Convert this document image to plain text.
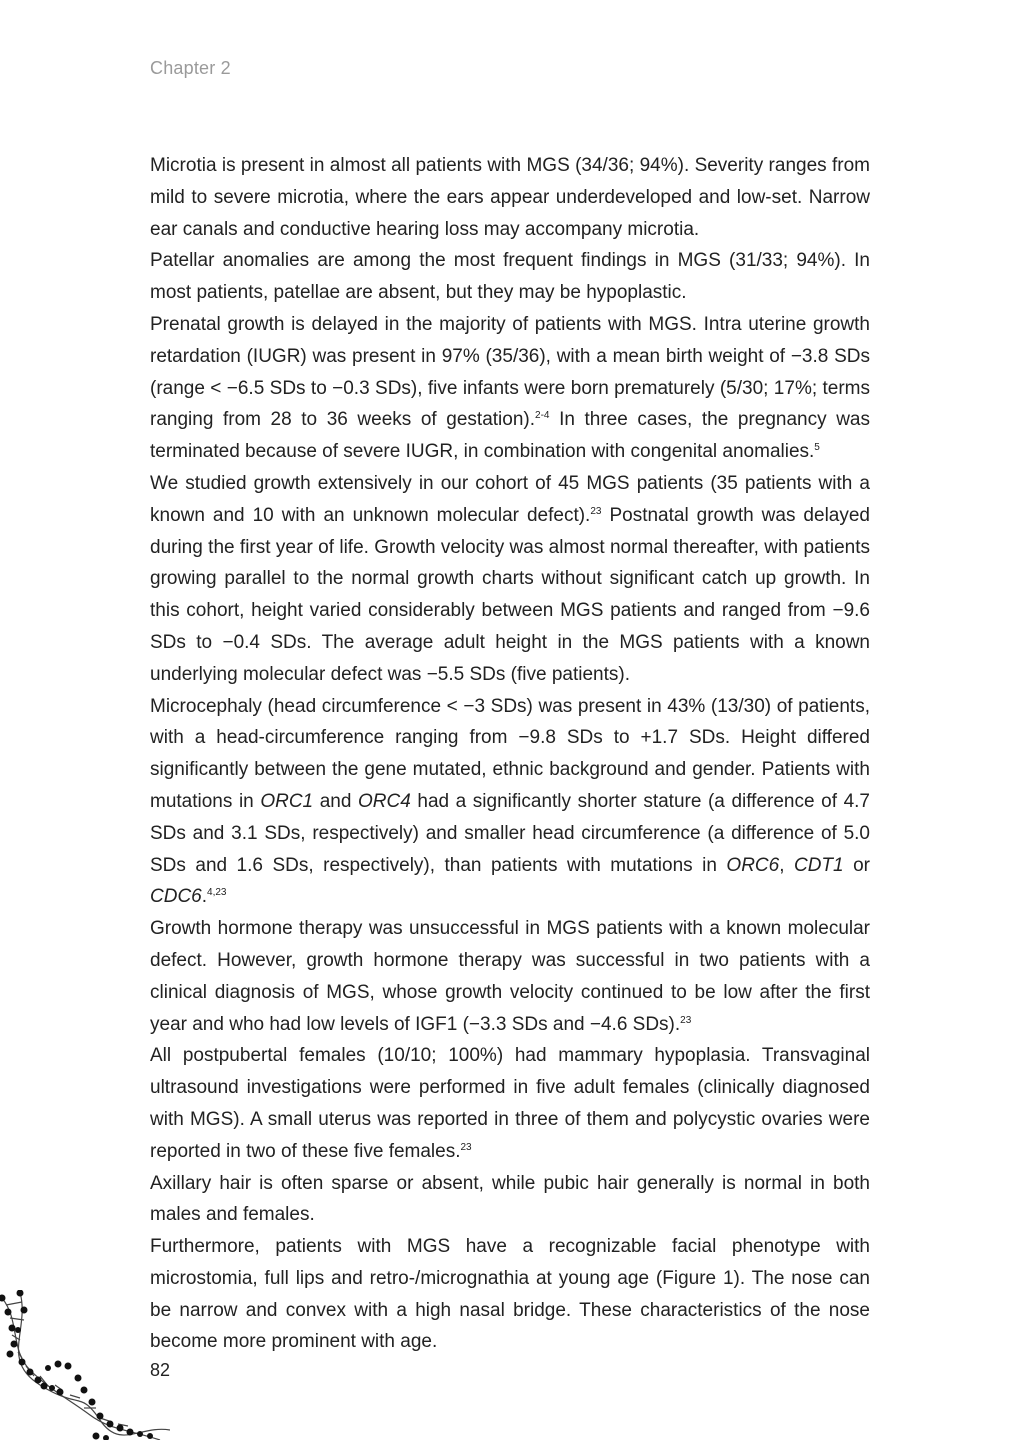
Chapter 2

Microtia is present in almost all patients with MGS (34/36; 94%). Severity ranges from mild to severe microtia, where the ears appear underdeveloped and low-set. Narrow ear canals and conductive hearing loss may accompany microtia.

Patellar anomalies are among the most frequent findings in MGS (31/33; 94%). In most patients, patellae are absent, but they may be hypoplastic.

Prenatal growth is delayed in the majority of patients with MGS. Intra uterine growth retardation (IUGR) was present in 97% (35/36), with a mean birth weight of −3.8 SDs (range < −6.5 SDs to −0.3 SDs), five infants were born prematurely (5/30; 17%; terms ranging from 28 to 36 weeks of gestation).$^{2-4}$ In three cases, the pregnancy was terminated because of severe IUGR, in combination with congenital anomalies.$^5$

We studied growth extensively in our cohort of 45 MGS patients (35 patients with a known and 10 with an unknown molecular defect).$^{23}$ Postnatal growth was delayed during the first year of life. Growth velocity was almost normal thereafter, with patients growing parallel to the normal growth charts without significant catch up growth. In this cohort, height varied considerably between MGS patients and ranged from −9.6 SDs to −0.4 SDs. The average adult height in the MGS patients with a known underlying molecular defect was −5.5 SDs (five patients).

Microcephaly (head circumference < −3 SDs) was present in 43% (13/30) of patients, with a head-circumference ranging from −9.8 SDs to +1.7 SDs. Height differed significantly between the gene mutated, ethnic background and gender. Patients with mutations in ORC1 and ORC4 had a significantly shorter stature (a difference of 4.7 SDs and 3.1 SDs, respectively) and smaller head circumference (a difference of 5.0 SDs and 1.6 SDs, respectively), than patients with mutations in ORC6, CDT1 or CDC6.$^{4,23}$

Growth hormone therapy was unsuccessful in MGS patients with a known molecular defect. However, growth hormone therapy was successful in two patients with a clinical diagnosis of MGS, whose growth velocity continued to be low after the first year and who had low levels of IGF1 (−3.3 SDs and −4.6 SDs).$^{23}$

All postpubertal females (10/10; 100%) had mammary hypoplasia. Transvaginal ultrasound investigations were performed in five adult females (clinically diagnosed with MGS). A small uterus was reported in three of them and polycystic ovaries were reported in two of these five females.$^{23}$

Axillary hair is often sparse or absent, while pubic hair generally is normal in both males and females.

Furthermore, patients with MGS have a recognizable facial phenotype with microstomia, full lips and retro-/micrognathia at young age (Figure 1). The nose can be narrow and convex with a high nasal bridge. These characteristics of the nose become more prominent with age.

82
